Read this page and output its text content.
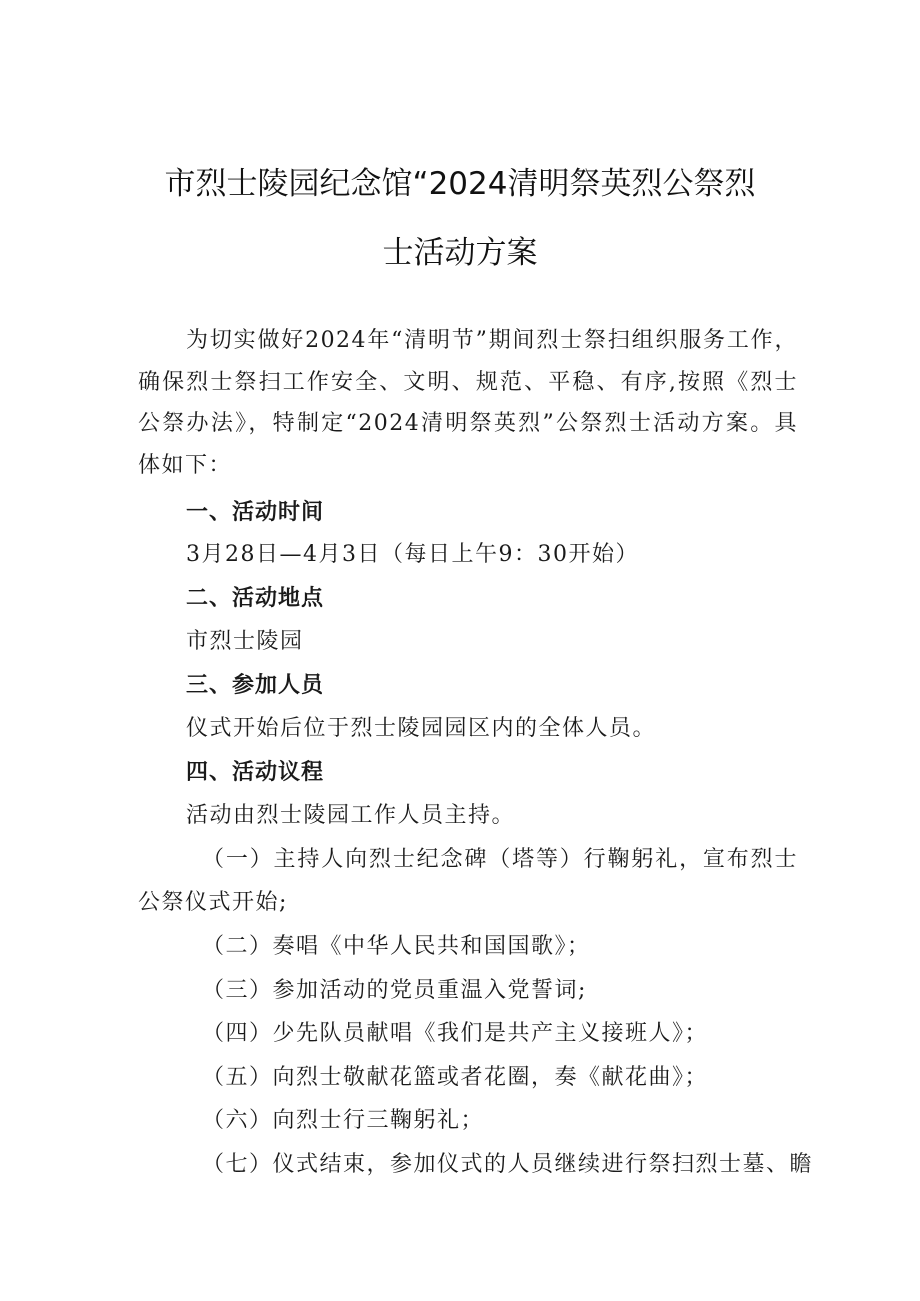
市烈士陵园纪念馆“2024清明祭英烈公祭烈
士活动方案

为切实做好2024年“清明节”期间烈士祭扫组织服务工作，确保烈士祭扫工作安全、文明、规范、平稳、有序,按照《烈士公祭办法》，特制定“2024清明祭英烈”公祭烈士活动方案。具体如下：

一、活动时间
3月28日—4月3日（每日上午9：30开始）
二、活动地点
市烈士陵园
三、参加人员
仪式开始后位于烈士陵园园区内的全体人员。
四、活动议程
活动由烈士陵园工作人员主持。

（一）主持人向烈士纪念碑（塔等）行鞠躬礼，宣布烈士公祭仪式开始;

（二）奏唱《中华人民共和国国歌》；
（三）参加活动的党员重温入党誓词;
（四）少先队员献唱《我们是共产主义接班人》；
（五）向烈士敬献花篮或者花圈，奏《献花曲》；
（六）向烈士行三鞠躬礼；
（七）仪式结束，参加仪式的人员继续进行祭扫烈士墓、瞻
